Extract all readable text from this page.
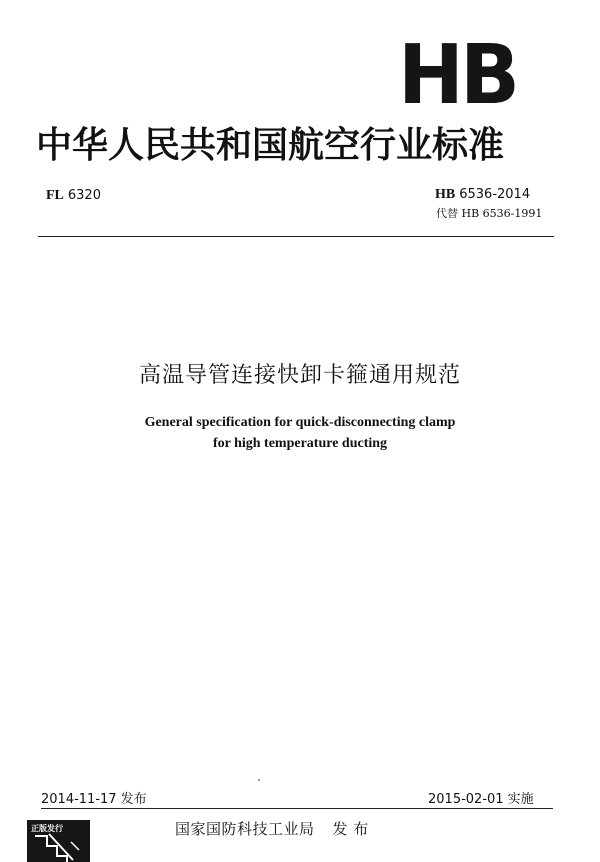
HB
中华人民共和国航空行业标准
FL 6320	HB 6536-2014
代替 HB 6536-1991
高温导管连接快卸卡箍通用规范
General specification for quick-disconnecting clamp
for high temperature ducting
2014-11-17 发布	2015-02-01 实施
国家国防科技工业局 发 布
正版发行
